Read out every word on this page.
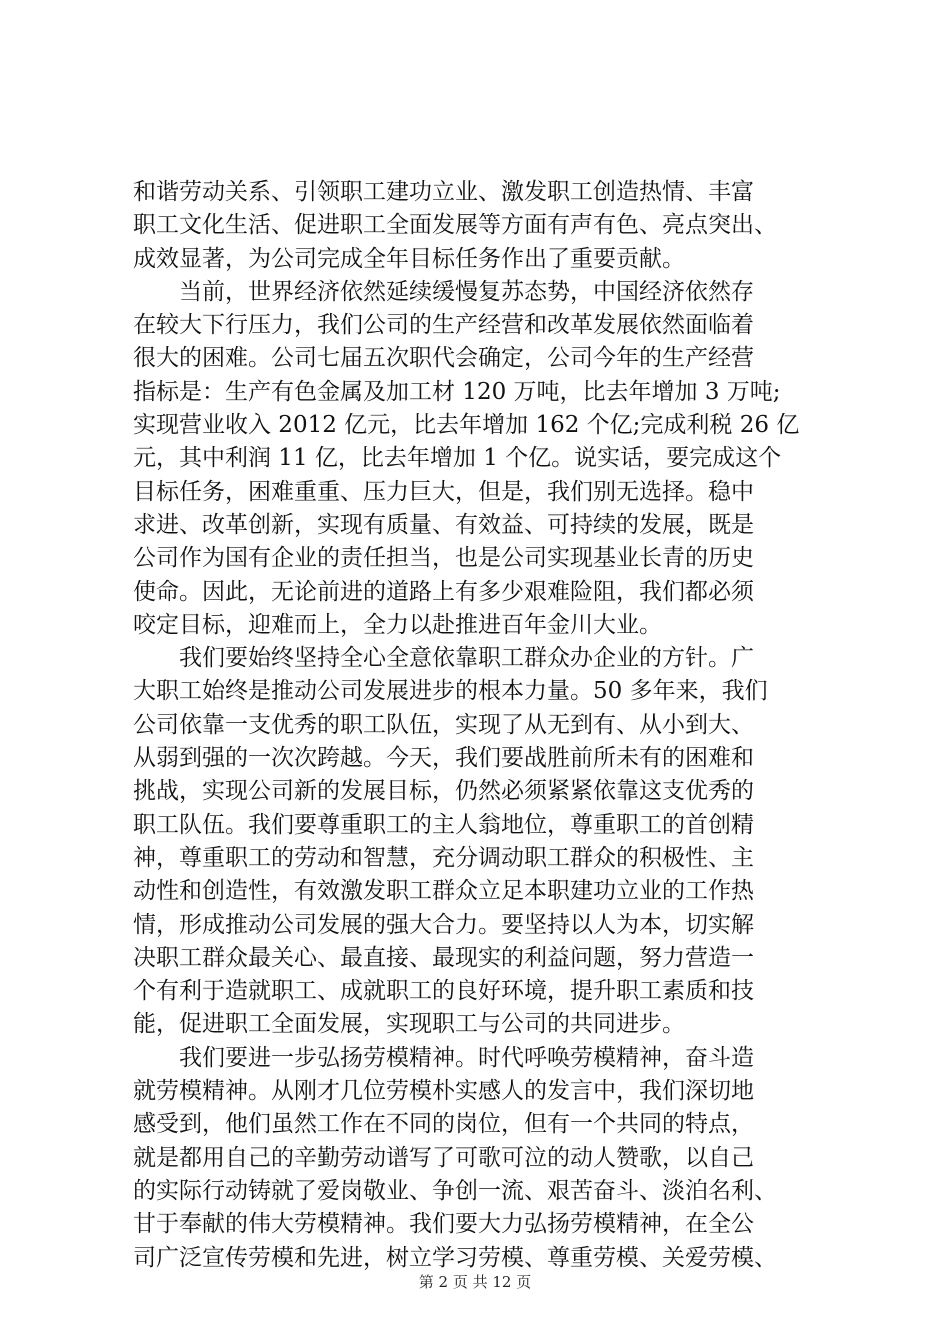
和谐劳动关系、引领职工建功立业、激发职工创造热情、丰富
职工文化生活、促进职工全面发展等方面有声有色、亮点突出、
成效显著，为公司完成全年目标任务作出了重要贡献。
　　当前，世界经济依然延续缓慢复苏态势，中国经济依然存
在较大下行压力，我们公司的生产经营和改革发展依然面临着
很大的困难。公司七届五次职代会确定，公司今年的生产经营
指标是：生产有色金属及加工材 120 万吨，比去年增加 3 万吨;
实现营业收入 2012 亿元，比去年增加 162 个亿;完成利税 26 亿
元，其中利润 11 亿，比去年增加 1 个亿。说实话，要完成这个
目标任务，困难重重、压力巨大，但是，我们别无选择。稳中
求进、改革创新，实现有质量、有效益、可持续的发展，既是
公司作为国有企业的责任担当，也是公司实现基业长青的历史
使命。因此，无论前进的道路上有多少艰难险阻，我们都必须
咬定目标，迎难而上，全力以赴推进百年金川大业。
　　我们要始终坚持全心全意依靠职工群众办企业的方针。广
大职工始终是推动公司发展进步的根本力量。50 多年来，我们
公司依靠一支优秀的职工队伍，实现了从无到有、从小到大、
从弱到强的一次次跨越。今天，我们要战胜前所未有的困难和
挑战，实现公司新的发展目标，仍然必须紧紧依靠这支优秀的
职工队伍。我们要尊重职工的主人翁地位，尊重职工的首创精
神，尊重职工的劳动和智慧，充分调动职工群众的积极性、主
动性和创造性，有效激发职工群众立足本职建功立业的工作热
情，形成推动公司发展的强大合力。要坚持以人为本，切实解
决职工群众最关心、最直接、最现实的利益问题，努力营造一
个有利于造就职工、成就职工的良好环境，提升职工素质和技
能，促进职工全面发展，实现职工与公司的共同进步。
　　我们要进一步弘扬劳模精神。时代呼唤劳模精神，奋斗造
就劳模精神。从刚才几位劳模朴实感人的发言中，我们深切地
感受到，他们虽然工作在不同的岗位，但有一个共同的特点，
就是都用自己的辛勤劳动谱写了可歌可泣的动人赞歌，以自己
的实际行动铸就了爱岗敬业、争创一流、艰苦奋斗、淡泊名利、
甘于奉献的伟大劳模精神。我们要大力弘扬劳模精神，在全公
司广泛宣传劳模和先进，树立学习劳模、尊重劳模、关爱劳模、
第 2 页 共 12 页
